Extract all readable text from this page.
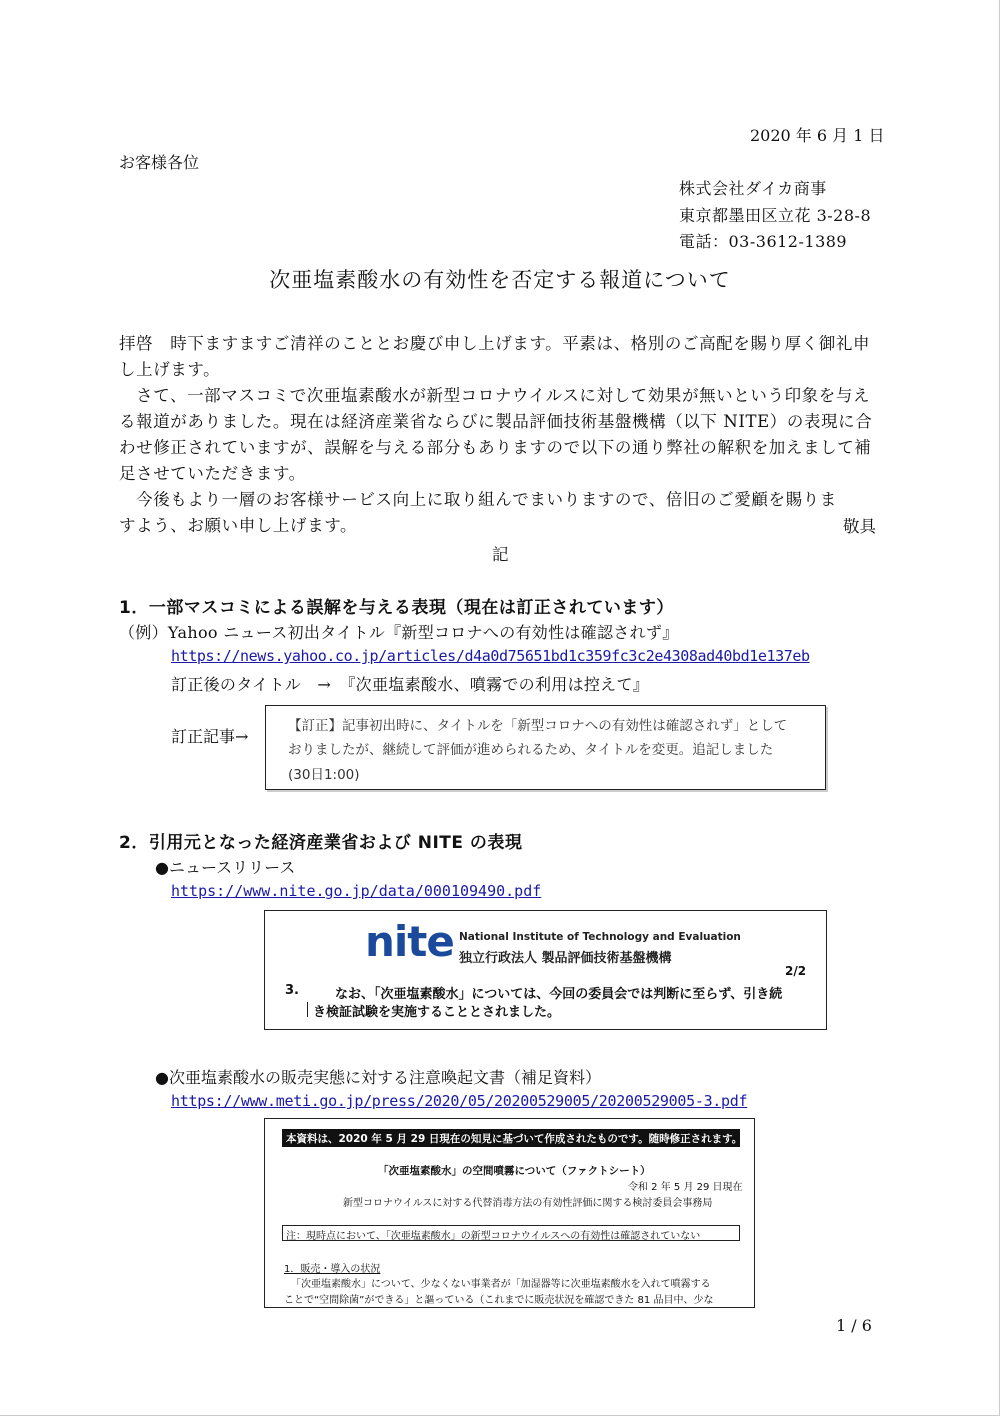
2020 年 6 月 1 日
お客様各位
株式会社ダイカ商事
東京都墨田区立花 3-28-8
電話：03-3612-1389
次亜塩素酸水の有効性を否定する報道について
拝啓　時下ますますご清祥のこととお慶び申し上げます。平素は、格別のご高配を賜り厚く御礼申し上げます。
　さて、一部マスコミで次亜塩素酸水が新型コロナウイルスに対して効果が無いという印象を与える報道がありました。現在は経済産業省ならびに製品評価技術基盤機構（以下 NITE）の表現に合わせ修正されていますが、誤解を与える部分もありますので以下の通り弊社の解釈を加えまして補足させていただきます。
　今後もより一層のお客様サービス向上に取り組んでまいりますので、倍旧のご愛顧を賜りますよう、お願い申し上げます。	敬具
記
1．一部マスコミによる誤解を与える表現（現在は訂正されています）
（例）Yahoo ニュース初出タイトル『新型コロナへの有効性は確認されず』
https://news.yahoo.co.jp/articles/d4a0d75651bd1c359fc3c2e4308ad40bd1e137eb
訂正後のタイトル　→　『次亜塩素酸水、噴霧での利用は控えて』
訂正記事→
【訂正】記事初出時に、タイトルを「新型コロナへの有効性は確認されず」として
おりましたが、継続して評価が進められるため、タイトルを変更。追記しました
(30日1:00)
2．引用元となった経済産業省および NITE の表現
●ニュースリリース
https://www.nite.go.jp/data/000109490.pdf
nite National Institute of Technology and Evaluation
独立行政法人 製品評価技術基盤機構
2/2
3.	なお、「次亜塩素酸水」については、今回の委員会では判断に至らず、引き続
き検証試験を実施することとされました。
●次亜塩素酸水の販売実態に対する注意喚起文書（補足資料）
https://www.meti.go.jp/press/2020/05/20200529005/20200529005-3.pdf
本資料は、2020 年 5 月 29 日現在の知見に基づいて作成されたものです。随時修正されます。
「次亜塩素酸水」の空間噴霧について（ファクトシート）
令和 2 年 5 月 29 日現在
新型コロナウイルスに対する代替消毒方法の有効性評価に関する検討委員会事務局
注：現時点において、「次亜塩素酸水」の新型コロナウイルスへの有効性は確認されていない
1．販売・導入の状況
「次亜塩素酸水」について、少なくない事業者が「加湿器等に次亜塩素酸水を入れて噴霧する
ことで“空間除菌”ができる」と謳っている（これまでに販売状況を確認できた 81 品目中、少な
1 / 6
